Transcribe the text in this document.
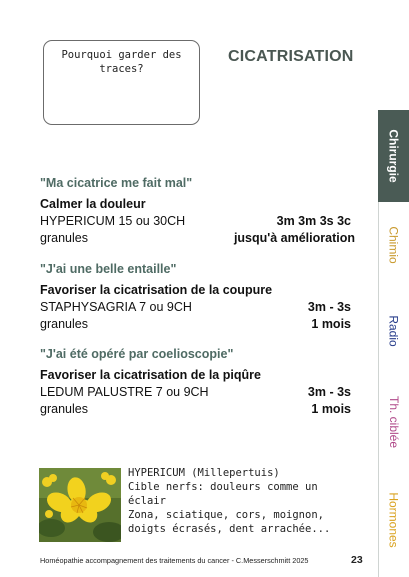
Pourquoi garder des
traces?
CICATRISATION
Chirurgie
Chimio
Radio
Th. ciblée
Hormones
"Ma cicatrice me fait mal"
Calmer la douleur
HYPERICUM 15 ou 30CH	3m 3m 3s 3c
granules	jusqu'à amélioration
"J'ai une belle entaille"
Favoriser la cicatrisation de la coupure
STAPHYSAGRIA 7 ou 9CH	3m - 3s
granules	1 mois
"J'ai été opéré par coelioscopie"
Favoriser la cicatrisation de la piqûre
LEDUM PALUSTRE 7 ou 9CH	3m - 3s
granules	1 mois
HYPERICUM (Millepertuis)
Cible nerfs: douleurs comme un
éclair
Zona, sciatique, cors, moignon,
doigts écrasés, dent arrachée...
Homéopathie accompagnement des traitements du cancer - C.Messerschmitt 2025	23
